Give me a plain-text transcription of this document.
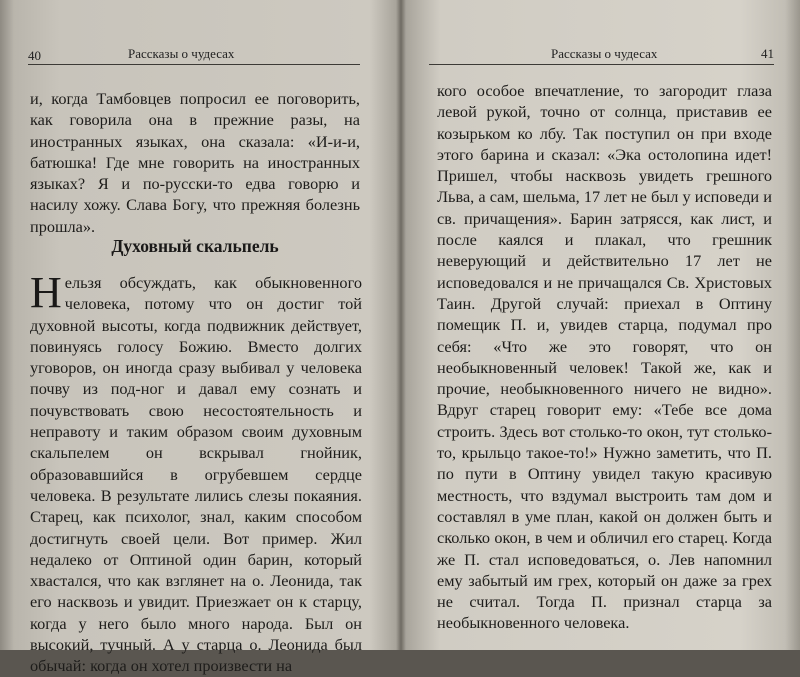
40	Рассказы о чудесах

и, когда Тамбовцев попросил ее поговорить, как говорила она в прежние разы, на иностранных языках, она сказала: «И-и-и, батюшка! Где мне говорить на иностранных языках? Я и по-русски-то едва говорю и насилу хожу. Слава Богу, что прежняя болезнь прошла».

Духовный скальпель

Нельзя обсуждать, как обыкновенного человека, потому что он достиг той духовной высоты, когда подвижник действует, повинуясь голосу Божию. Вместо долгих уговоров, он иногда сразу выбивал у человека почву из под-ног и давал ему сознать и почувствовать свою несостоятельность и неправоту и таким образом своим духовным скальпелем он вскрывал гнойник, образовавшийся в огрубевшем сердце человека. В результате лились слезы покаяния. Старец, как психолог, знал, каким способом достигнуть своей цели. Вот пример. Жил недалеко от Оптиной один барин, который хвастался, что как взглянет на о. Леонида, так его насквозь и увидит. Приезжает он к старцу, когда у него было много народа. Был он высокий, тучный. А у старца о. Леонида был обычай: когда он хотел произвести на

Рассказы о чудесах	41

кого особое впечатление, то загородит глаза левой рукой, точно от солнца, приставив ее козырьком ко лбу. Так поступил он при входе этого барина и сказал: «Эка остолопина идет! Пришел, чтобы насквозь увидеть грешного Льва, а сам, шельма, 17 лет не был у исповеди и св. причащения». Барин затрясся, как лист, и после каялся и плакал, что грешник неверующий и действительно 17 лет не исповедовался и не причащался Св. Христовых Таин. Другой случай: приехал в Оптину помещик П. и, увидев старца, подумал про себя: «Что же это говорят, что он необыкновенный человек! Такой же, как и прочие, необыкновенного ничего не видно». Вдруг старец говорит ему: «Тебе все дома строить. Здесь вот столько-то окон, тут столько-то, крыльцо такое-то!» Нужно заметить, что П. по пути в Оптину увидел такую красивую местность, что вздумал выстроить там дом и составлял в уме план, какой он должен быть и сколько окон, в чем и обличил его старец. Когда же П. стал исповедоваться, о. Лев напомнил ему забытый им грех, который он даже за грех не считал. Тогда П. признал старца за необыкновенного человека.
